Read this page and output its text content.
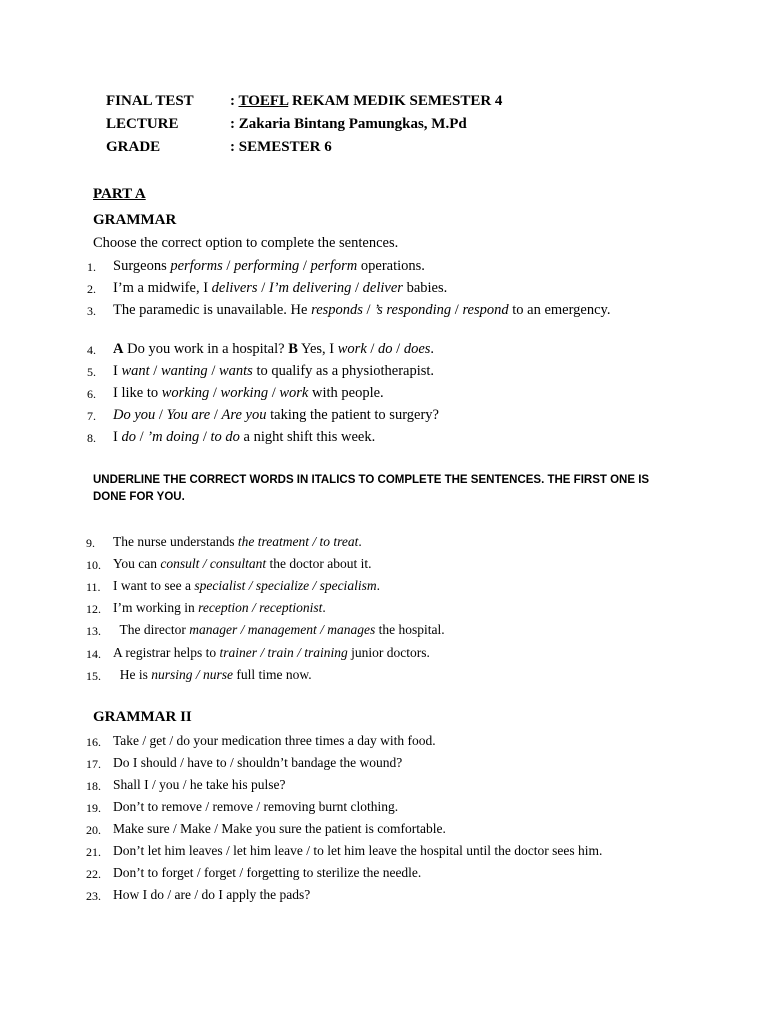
FINAL TEST : TOEFL REKAM MEDIK SEMESTER 4
LECTURE	: Zakaria Bintang Pamungkas, M.Pd
GRADE	: SEMESTER 6
PART A
GRAMMAR
Choose the correct option to complete the sentences.
1. Surgeons performs / performing / perform operations.
2. I’m a midwife, I delivers / I’m delivering / deliver babies.
3. The paramedic is unavailable. He responds / ’s responding / respond to an emergency.
4. A Do you work in a hospital? B Yes, I work / do / does.
5. I want / wanting / wants to qualify as a physiotherapist.
6. I like to working / working / work with people.
7. Do you / You are / Are you taking the patient to surgery?
8. I do / ’m doing / to do a night shift this week.
UNDERLINE THE CORRECT WORDS IN ITALICS TO COMPLETE THE SENTENCES. THE FIRST ONE IS DONE FOR YOU.
9. The nurse understands the treatment / to treat.
10. You can consult / consultant the doctor about it.
11. I want to see a specialist / specialize / specialism.
12. I’m working in reception / receptionist.
13. The director manager / management / manages the hospital.
14. A registrar helps to trainer / train / training junior doctors.
15. He is nursing / nurse full time now.
GRAMMAR II
16. Take / get / do your medication three times a day with food.
17. Do I should / have to / shouldn’t bandage the wound?
18. Shall I / you / he take his pulse?
19. Don’t to remove / remove / removing burnt clothing.
20. Make sure / Make / Make you sure the patient is comfortable.
21. Don’t let him leaves / let him leave / to let him leave the hospital until the doctor sees him.
22. Don’t to forget / forget / forgetting to sterilize the needle.
23. How I do / are / do I apply the pads?
